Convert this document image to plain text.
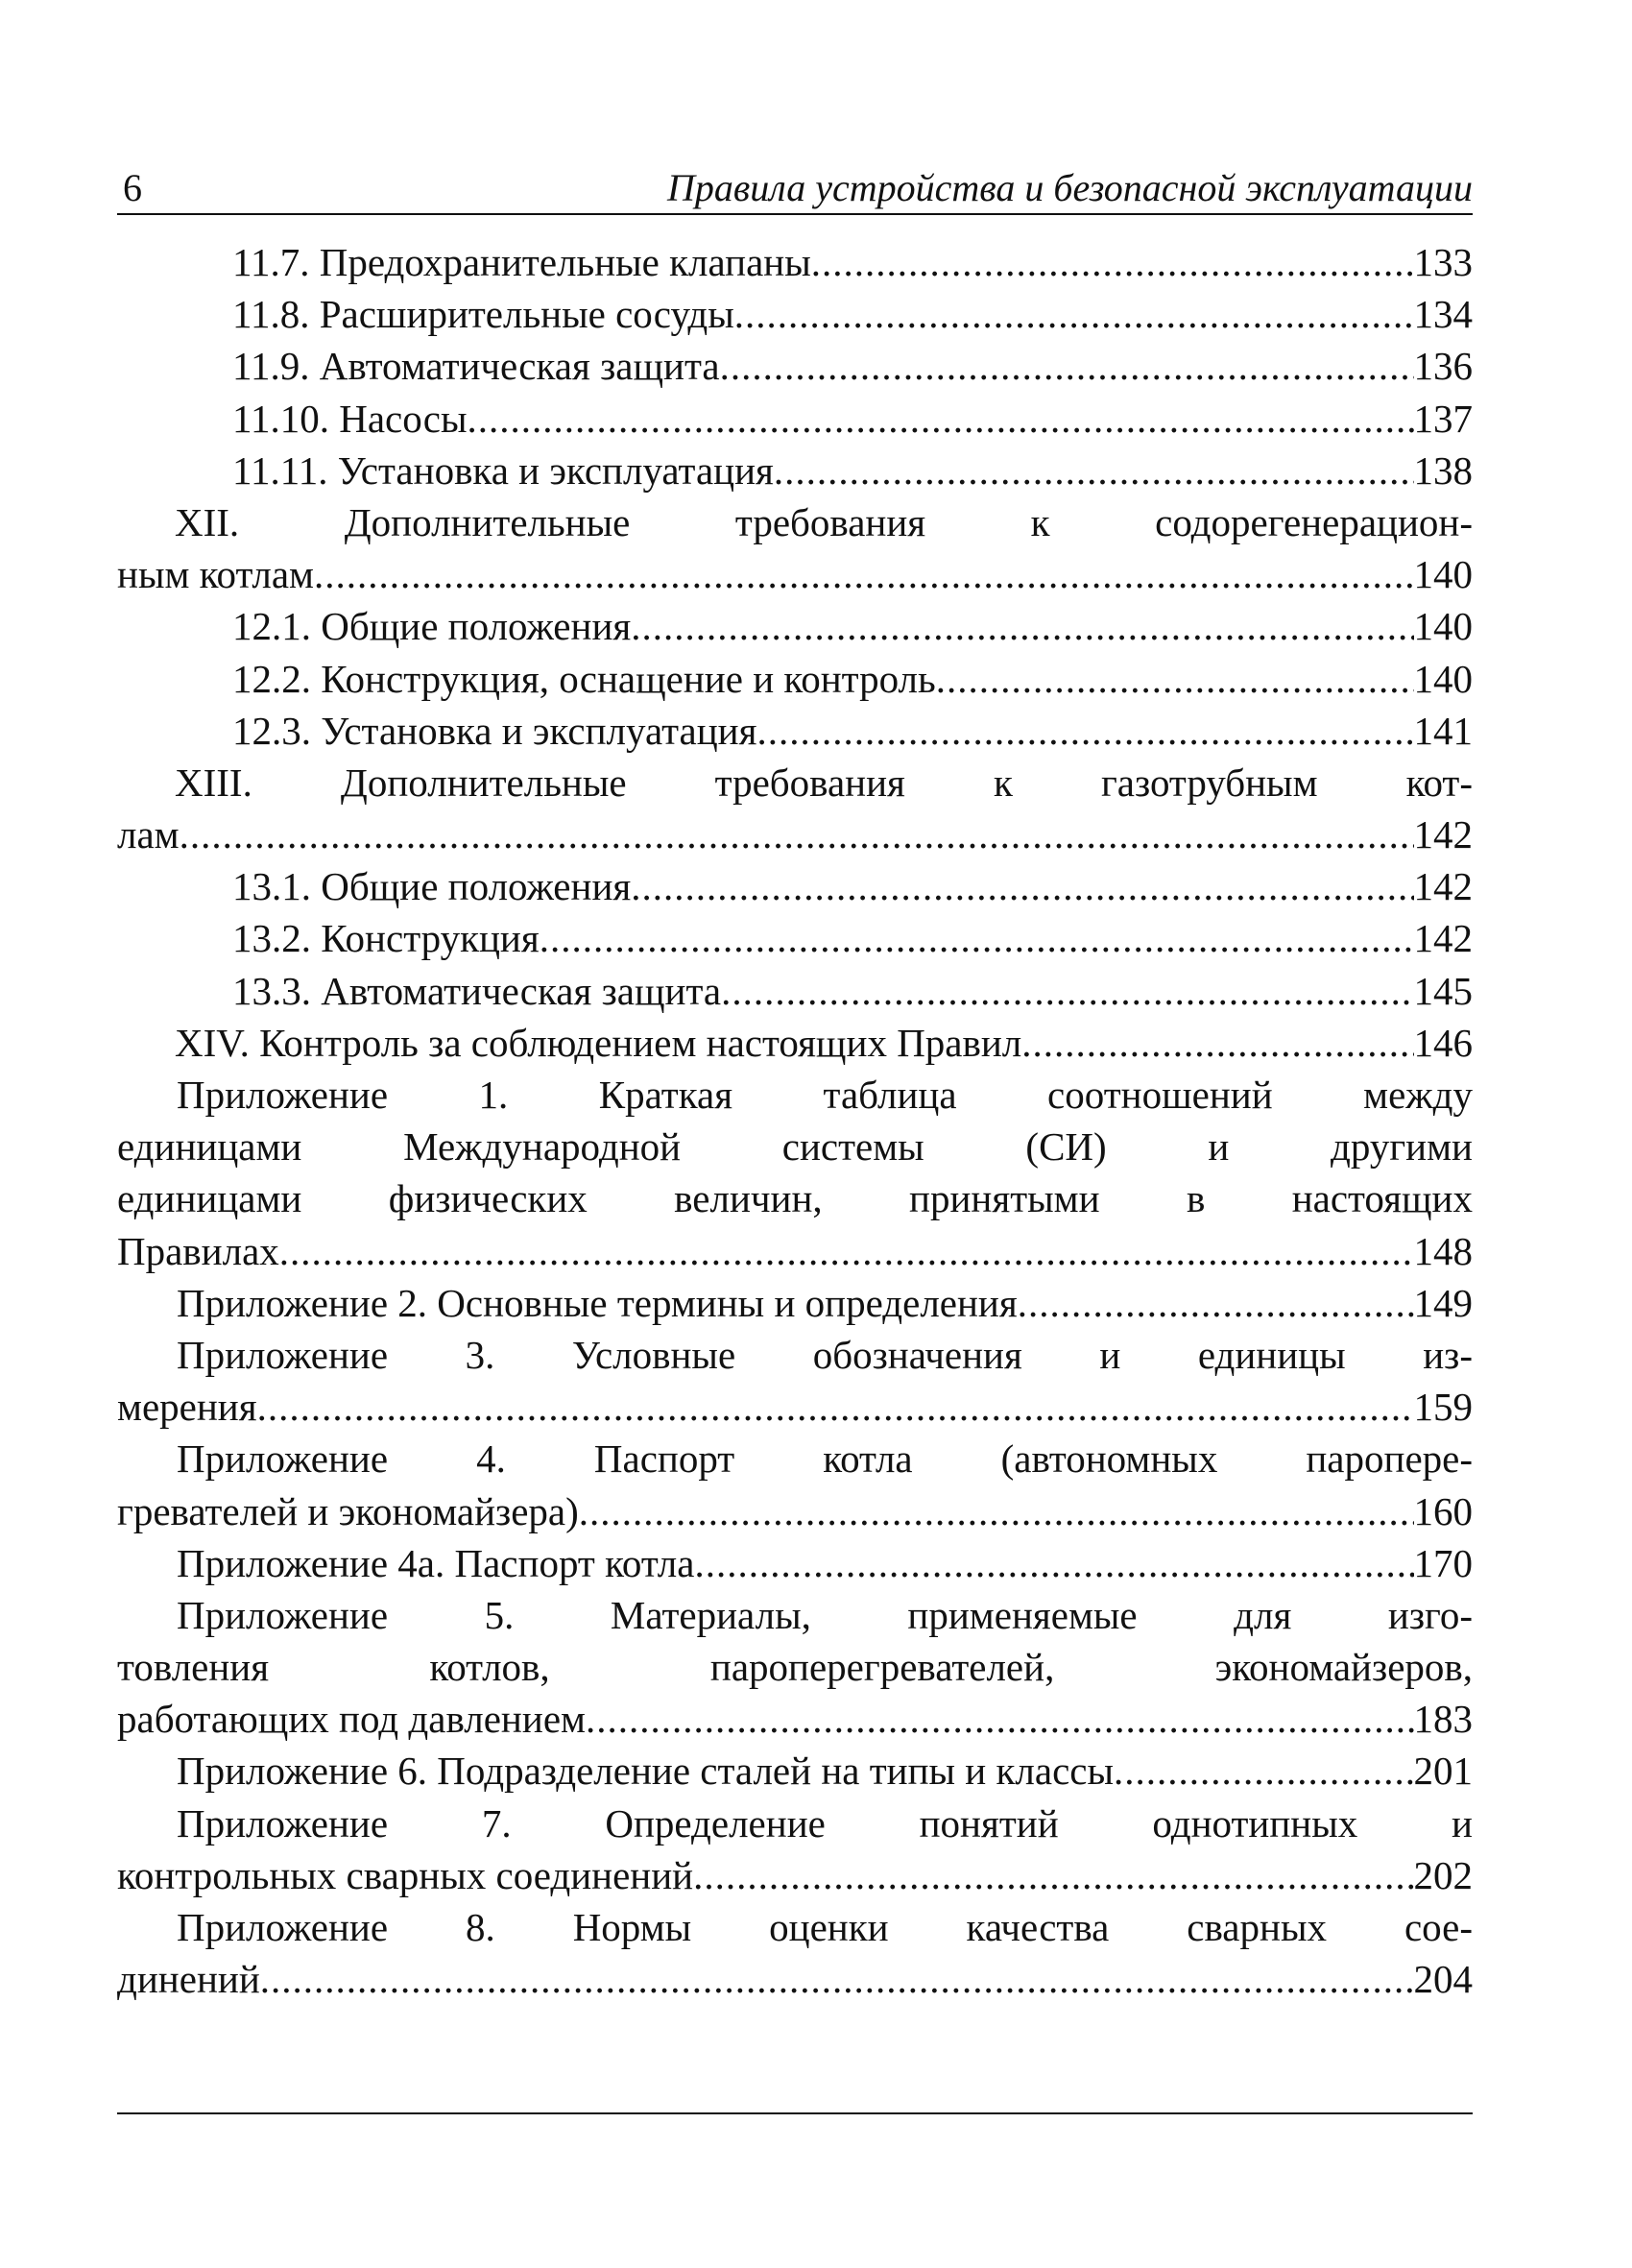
6	Правила устройства и безопасной эксплуатации
11.7. Предохранительные клапаны .....	133
11.8. Расширительные сосуды .....	134
11.9. Автоматическая защита .....	136
11.10. Насосы .....	137
11.11. Установка и эксплуатация .....	138
XII. Дополнительные требования к содорегенерацион-
ным котлам .....	140
12.1. Общие положения .....	140
12.2. Конструкция, оснащение и контроль .....	140
12.3. Установка и эксплуатация .....	141
XIII. Дополнительные требования к газотрубным кот-
лам .....	142
13.1. Общие положения .....	142
13.2. Конструкция .....	142
13.3. Автоматическая защита .....	145
XIV. Контроль за соблюдением настоящих Правил .....	146
Приложение 1. Краткая таблица соотношений между
единицами Международной системы (СИ) и другими
единицами физических величин, принятыми в настоящих
Правилах .....	148
Приложение 2. Основные термины и определения .....	149
Приложение 3. Условные обозначения и единицы из-
мерения .....	159
Приложение 4. Паспорт котла (автономных паропере-
гревателей и экономайзера) .....	160
Приложение 4а. Паспорт котла .....	170
Приложение 5. Материалы, применяемые для изго-
товления котлов, пароперегревателей, экономайзеров,
работающих под давлением .....	183
Приложение 6. Подразделение сталей на типы и классы .....	201
Приложение 7. Определение понятий однотипных и
контрольных сварных соединений .....	202
Приложение 8. Нормы оценки качества сварных сое-
динений .....	204
